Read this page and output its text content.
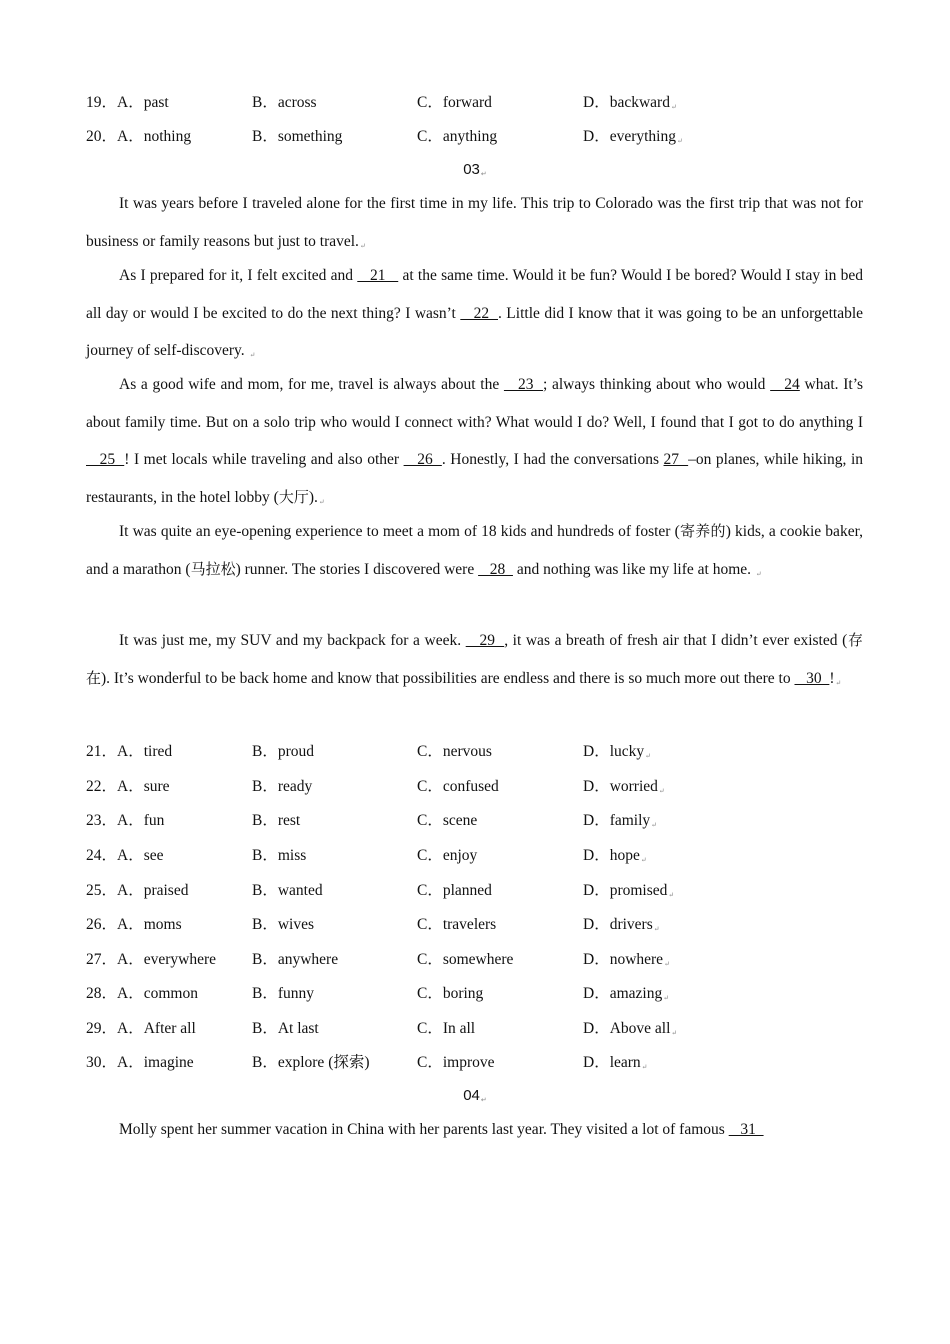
19．A．past	B．across	C．forward	D．backward↵
20．A．nothing	B．something	C．anything	D．everything↵
03↵

It was years before I traveled alone for the first time in my life. This trip to Colorado was the first trip that was not for business or family reasons but just to travel.↵

As I prepared for it, I felt excited and    21    at the same time. Would it be fun? Would I be bored? Would I stay in bed all day or would I be excited to do the next thing? I wasn’t    22  . Little did I know that it was going to be an unforgettable journey of self-discovery. ↵

As a good wife and mom, for me, travel is always about the    23  ; always thinking about who would    24 what. It’s about family time. But on a solo trip who would I connect with? What would I do? Well, I found that I got to do anything I    25  ! I met locals while traveling and also other    26  . Honestly, I had the conversations 27  –on planes, while hiking, in restaurants, in the hotel lobby (大厅).↵

It was quite an eye-opening experience to meet a mom of 18 kids and hundreds of foster (寄养的) kids, a cookie baker, and a marathon (马拉松) runner. The stories I discovered were    28   and nothing was like my life at home. ↵

It was just me, my SUV and my backpack for a week.    29  , it was a breath of fresh air that I didn’t ever existed (存在). It’s wonderful to be back home and know that possibilities are endless and there is so much more out there to    30  !↵

21．A．tired	B．proud	C．nervous	D．lucky↵
22．A．sure	B．ready	C．confused	D．worried↵
23．A．fun	B．rest	C．scene	D．family↵
24．A．see	B．miss	C．enjoy	D．hope↵
25．A．praised	B．wanted	C．planned	D．promised↵
26．A．moms	B．wives	C．travelers	D．drivers↵
27．A．everywhere B．anywhere	C．somewhere	D．nowhere↵
28．A．common	B．funny	C．boring	D．amazing↵
29．A．After all	B．At last	C．In all	D．Above all↵
30．A．imagine	B．explore (探索)	C．improve	D．learn↵
04↵

Molly spent her summer vacation in China with her parents last year. They visited a lot of famous    31
